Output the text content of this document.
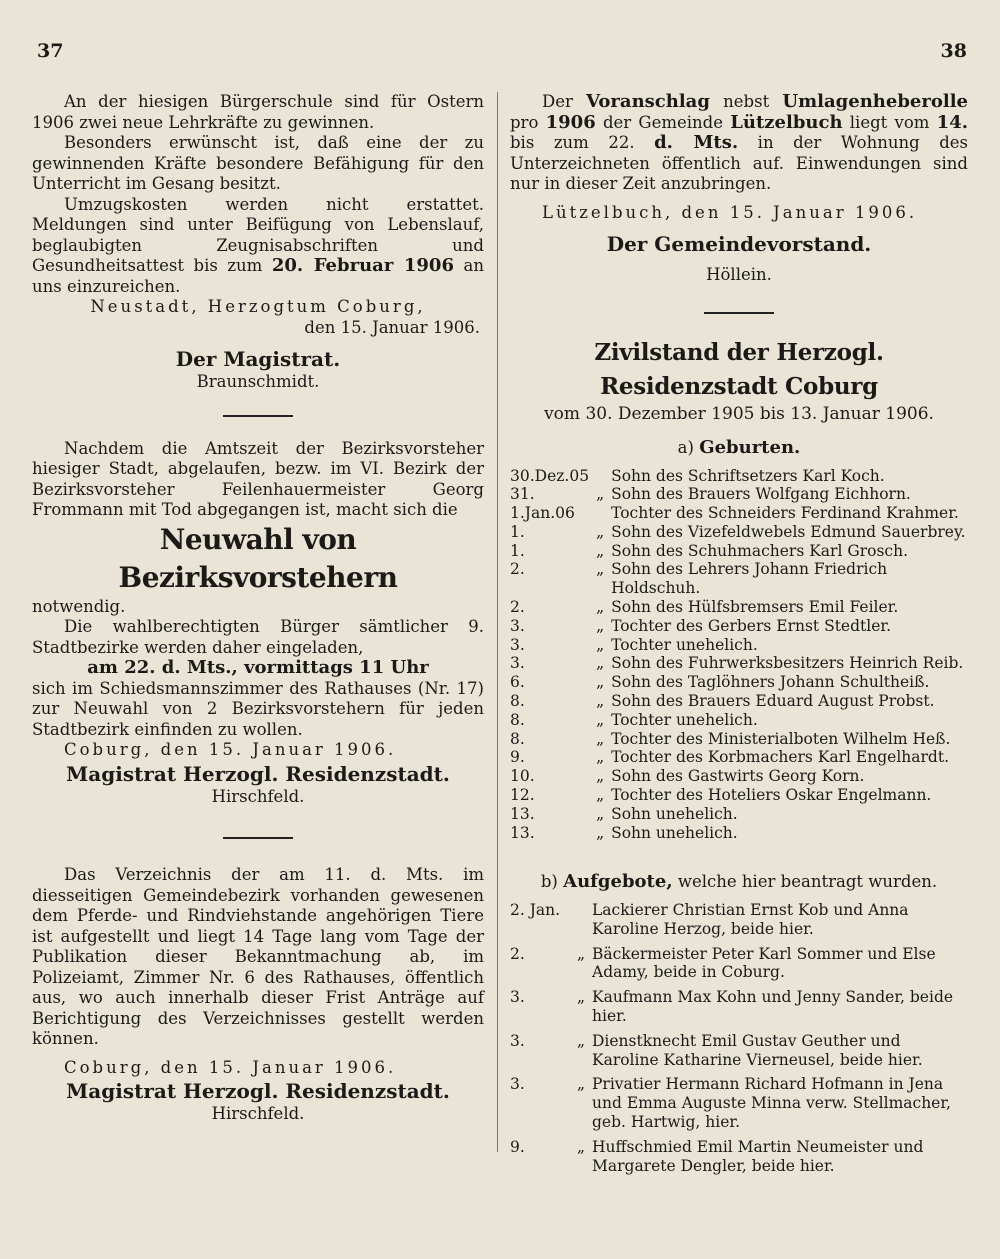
37	38

An der hiesigen Bürgerschule sind für Ostern 1906 zwei neue Lehrkräfte zu gewinnen.

Besonders erwünscht ist, daß eine der zu gewinnenden Kräfte besondere Befähigung für den Unterricht im Gesang besitzt.

Umzugskosten werden nicht erstattet. Meldungen sind unter Beifügung von Lebenslauf, beglaubigten Zeugnisabschriften und Gesundheitsattest bis zum 20. Februar 1906 an uns einzureichen.

Neustadt, Herzogtum Coburg,

den 15. Januar 1906.

Der Magistrat.

Braunschmidt.

Nachdem die Amtszeit der Bezirksvorsteher hiesiger Stadt, abgelaufen, bezw. im VI. Bezirk der Bezirksvorsteher Feilenhauermeister Georg Frommann mit Tod abgegangen ist, macht sich die

Neuwahl von Bezirksvorstehern

notwendig.

Die wahlberechtigten Bürger sämtlicher 9. Stadtbezirke werden daher eingeladen,

am 22. d. Mts., vormittags 11 Uhr

sich im Schiedsmannszimmer des Rathauses (Nr. 17) zur Neuwahl von 2 Bezirksvorstehern für jeden Stadtbezirk einfinden zu wollen.

Coburg, den 15. Januar 1906.

Magistrat Herzogl. Residenzstadt.

Hirschfeld.

Das Verzeichnis der am 11. d. Mts. im diesseitigen Gemeindebezirk vorhanden gewesenen dem Pferde- und Rindviehstande angehörigen Tiere ist aufgestellt und liegt 14 Tage lang vom Tage der Publikation dieser Bekanntmachung ab, im Polizeiamt, Zimmer Nr. 6 des Rathauses, öffentlich aus, wo auch innerhalb dieser Frist Anträge auf Berichtigung des Verzeichnisses gestellt werden können.

Coburg, den 15. Januar 1906.

Magistrat Herzogl. Residenzstadt.

Hirschfeld.

Der Voranschlag nebst Umlagenheberolle pro 1906 der Gemeinde Lützelbuch liegt vom 14. bis zum 22. d. Mts. in der Wohnung des Unterzeichneten öffentlich auf. Einwendungen sind nur in dieser Zeit anzubringen.

Lützelbuch, den 15. Januar 1906.

Der Gemeindevorstand.

Höllein.

Zivilstand der Herzogl. Residenzstadt Coburg

vom 30. Dezember 1905 bis 13. Januar 1906.

a) Geburten.

30.Dez.05		Sohn des Schriftsetzers Karl Koch.
31.	„	Sohn des Brauers Wolfgang Eichhorn.
1.Jan.06		Tochter des Schneiders Ferdinand Krahmer.
1.	„	Sohn des Vizefeldwebels Edmund Sauerbrey.
1.	„	Sohn des Schuhmachers Karl Grosch.
2.	„	Sohn des Lehrers Johann Friedrich Holdschuh.
2.	„	Sohn des Hülfsbremsers Emil Feiler.
3.	„	Tochter des Gerbers Ernst Stedtler.
3.	„	Tochter unehelich.
3.	„	Sohn des Fuhrwerksbesitzers Heinrich Reib.
6.	„	Sohn des Taglöhners Johann Schultheiß.
8.	„	Sohn des Brauers Eduard August Probst.
8.	„	Tochter unehelich.
8.	„	Tochter des Ministerialboten Wilhelm Heß.
9.	„	Tochter des Korbmachers Karl Engelhardt.
10.	„	Sohn des Gastwirts Georg Korn.
12.	„	Tochter des Hoteliers Oskar Engelmann.
13.	„	Sohn unehelich.
13.	„	Sohn unehelich.

b) Aufgebote, welche hier beantragt wurden.

2. Jan.		Lackierer Christian Ernst Kob und Anna Karoline Herzog, beide hier.
2.	„	Bäckermeister Peter Karl Sommer und Else Adamy, beide in Coburg.
3.	„	Kaufmann Max Kohn und Jenny Sander, beide hier.
3.	„	Dienstknecht Emil Gustav Geuther und Karoline Katharine Vierneusel, beide hier.
3.	„	Privatier Hermann Richard Hofmann in Jena und Emma Auguste Minna verw. Stellmacher, geb. Hartwig, hier.
9.	„	Huffschmied Emil Martin Neumeister und Margarete Dengler, beide hier.
